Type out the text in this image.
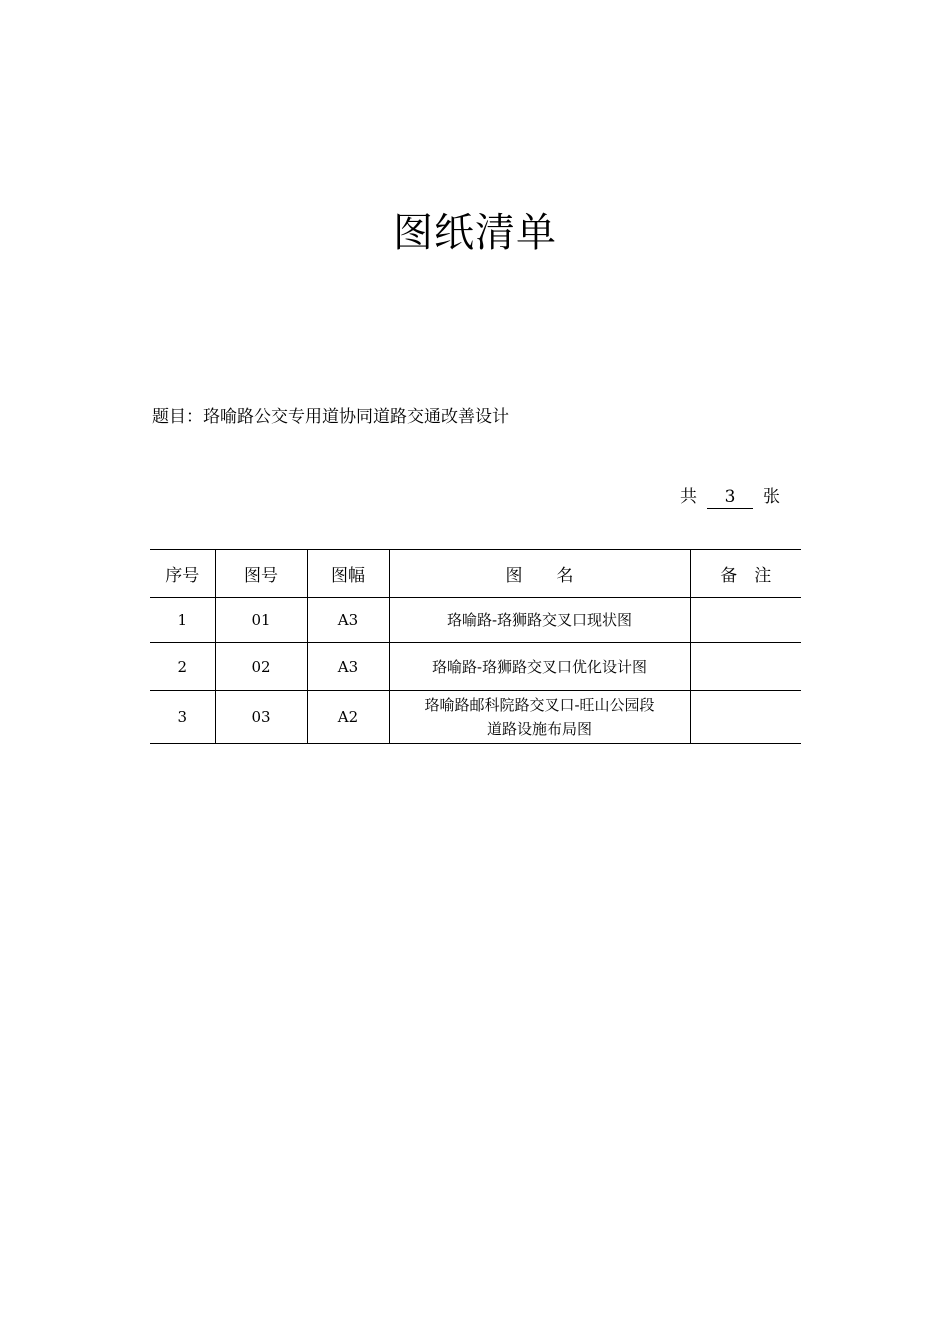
图纸清单
题目：珞喻路公交专用道协同道路交通改善设计
共 3 张
序号	图号	图幅	图　　名	备　注
1	01	A3	珞喻路-珞狮路交叉口现状图	

2	02	A3	珞喻路-珞狮路交叉口优化设计图	

3	03	A2	珞喻路邮科院路交叉口-旺山公园段
道路设施布局图	
